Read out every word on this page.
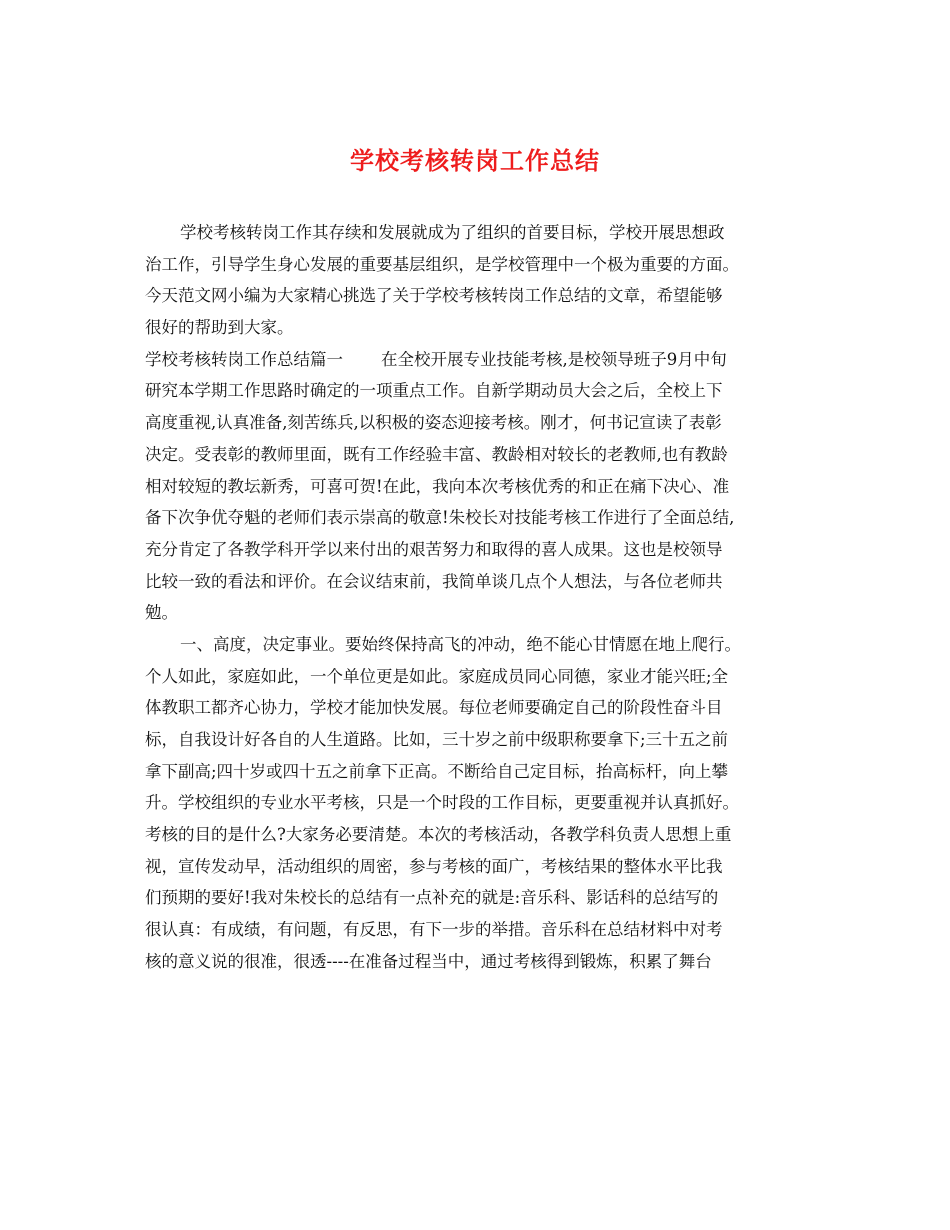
学校考核转岗工作总结
学校考核转岗工作其存续和发展就成为了组织的首要目标，学校开展思想政
治工作，引导学生身心发展的重要基层组织，是学校管理中一个极为重要的方面。
今天范文网小编为大家精心挑选了关于学校考核转岗工作总结的文章，希望能够
很好的帮助到大家。
学校考核转岗工作总结篇一 在全校开展专业技能考核,是校领导班子9月中旬
研究本学期工作思路时确定的一项重点工作。自新学期动员大会之后，全校上下
高度重视,认真准备,刻苦练兵,以积极的姿态迎接考核。刚才，何书记宣读了表彰
决定。受表彰的教师里面，既有工作经验丰富、教龄相对较长的老教师,也有教龄
相对较短的教坛新秀，可喜可贺!在此，我向本次考核优秀的和正在痛下决心、准
备下次争优夺魁的老师们表示崇高的敬意!朱校长对技能考核工作进行了全面总结,
充分肯定了各教学科开学以来付出的艰苦努力和取得的喜人成果。这也是校领导
比较一致的看法和评价。在会议结束前，我简单谈几点个人想法，与各位老师共
勉。
一、高度，决定事业。要始终保持高飞的冲动，绝不能心甘情愿在地上爬行。
个人如此，家庭如此，一个单位更是如此。家庭成员同心同德，家业才能兴旺;全
体教职工都齐心协力，学校才能加快发展。每位老师要确定自己的阶段性奋斗目
标，自我设计好各自的人生道路。比如，三十岁之前中级职称要拿下;三十五之前
拿下副高;四十岁或四十五之前拿下正高。不断给自己定目标，抬高标杆，向上攀
升。学校组织的专业水平考核，只是一个时段的工作目标，更要重视并认真抓好。
考核的目的是什么?大家务必要清楚。本次的考核活动，各教学科负责人思想上重
视，宣传发动早，活动组织的周密，参与考核的面广，考核结果的整体水平比我
们预期的要好!我对朱校长的总结有一点补充的就是:音乐科、影话科的总结写的
很认真：有成绩，有问题，有反思，有下一步的举措。音乐科在总结材料中对考
核的意义说的很准，很透----在准备过程当中，通过考核得到锻炼，积累了舞台
